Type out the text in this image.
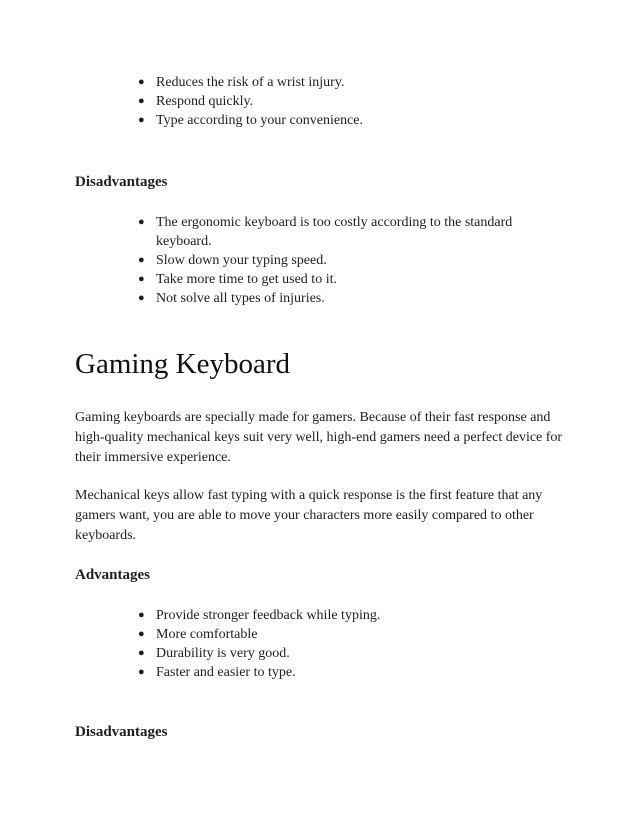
● Reduces the risk of a wrist injury.
● Respond quickly.
● Type according to your convenience.
Disadvantages
● The ergonomic keyboard is too costly according to the standard keyboard.
● Slow down your typing speed.
● Take more time to get used to it.
● Not solve all types of injuries.
Gaming Keyboard

Gaming keyboards are specially made for gamers. Because of their fast response and high-quality mechanical keys suit very well, high-end gamers need a perfect device for their immersive experience.

Mechanical keys allow fast typing with a quick response is the first feature that any gamers want, you are able to move your characters more easily compared to other keyboards.

Advantages
● Provide stronger feedback while typing.
● More comfortable
● Durability is very good.
● Faster and easier to type.
Disadvantages
